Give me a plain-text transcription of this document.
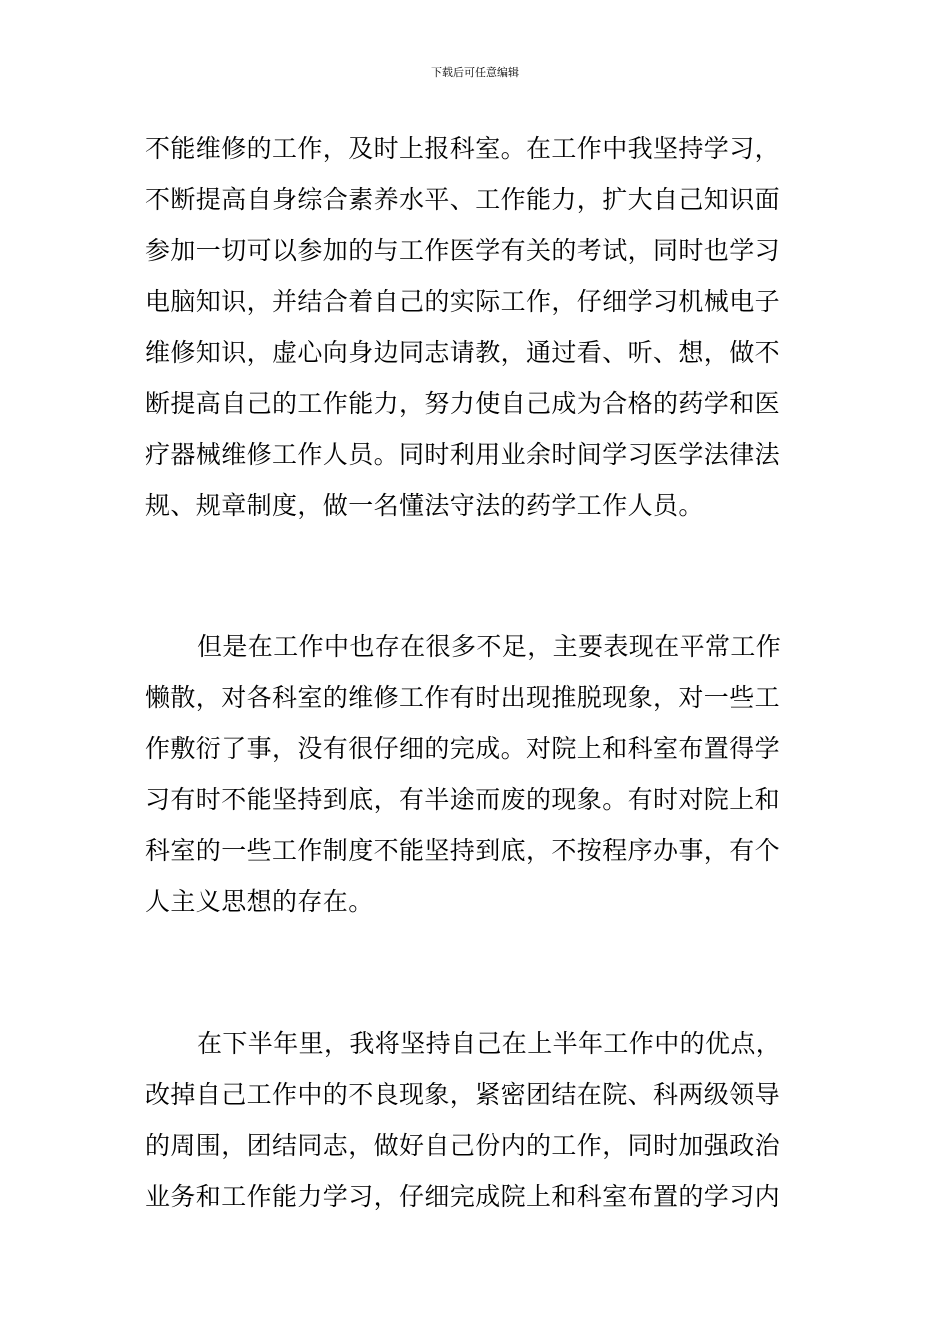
下载后可任意编辑
不能维修的工作，及时上报科室。在工作中我坚持学习，
不断提高自身综合素养水平、工作能力，扩大自己知识面
参加一切可以参加的与工作医学有关的考试，同时也学习
电脑知识，并结合着自己的实际工作，仔细学习机械电子
维修知识，虚心向身边同志请教，通过看、听、想，做不
断提高自己的工作能力，努力使自己成为合格的药学和医
疗器械维修工作人员。同时利用业余时间学习医学法律法
规、规章制度，做一名懂法守法的药学工作人员。
但是在工作中也存在很多不足，主要表现在平常工作
懒散，对各科室的维修工作有时出现推脱现象，对一些工
作敷衍了事，没有很仔细的完成。对院上和科室布置得学
习有时不能坚持到底，有半途而废的现象。有时对院上和
科室的一些工作制度不能坚持到底，不按程序办事，有个
人主义思想的存在。
在下半年里，我将坚持自己在上半年工作中的优点，
改掉自己工作中的不良现象，紧密团结在院、科两级领导
的周围，团结同志，做好自己份内的工作，同时加强政治
业务和工作能力学习，仔细完成院上和科室布置的学习内
